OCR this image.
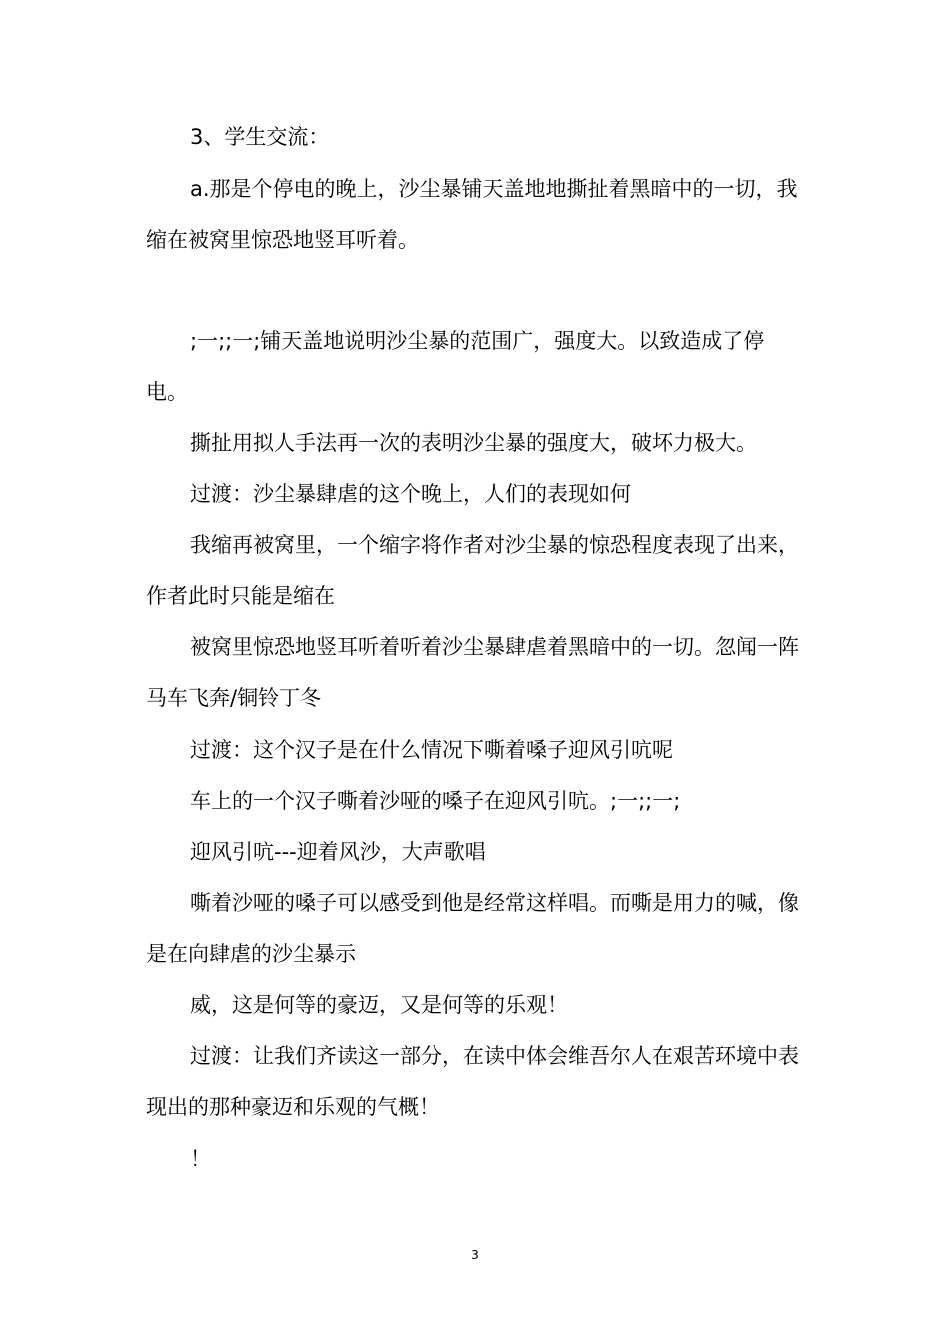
3、学生交流：

a.那是个停电的晚上，沙尘暴铺天盖地地撕扯着黑暗中的一切，我缩在被窝里惊恐地竖耳听着。

;一;;一;铺天盖地说明沙尘暴的范围广，强度大。以致造成了停电。

撕扯用拟人手法再一次的表明沙尘暴的强度大，破坏力极大。

过渡：沙尘暴肆虐的这个晚上，人们的表现如何

我缩再被窝里，一个缩字将作者对沙尘暴的惊恐程度表现了出来，作者此时只能是缩在

被窝里惊恐地竖耳听着听着沙尘暴肆虐着黑暗中的一切。忽闻一阵马车飞奔/铜铃丁冬

过渡：这个汉子是在什么情况下嘶着嗓子迎风引吭呢

车上的一个汉子嘶着沙哑的嗓子在迎风引吭。;一;;一;

迎风引吭---迎着风沙，大声歌唱

嘶着沙哑的嗓子可以感受到他是经常这样唱。而嘶是用力的喊，像是在向肆虐的沙尘暴示

威，这是何等的豪迈，又是何等的乐观！

过渡：让我们齐读这一部分，在读中体会维吾尔人在艰苦环境中表现出的那种豪迈和乐观的气概！

！

3
